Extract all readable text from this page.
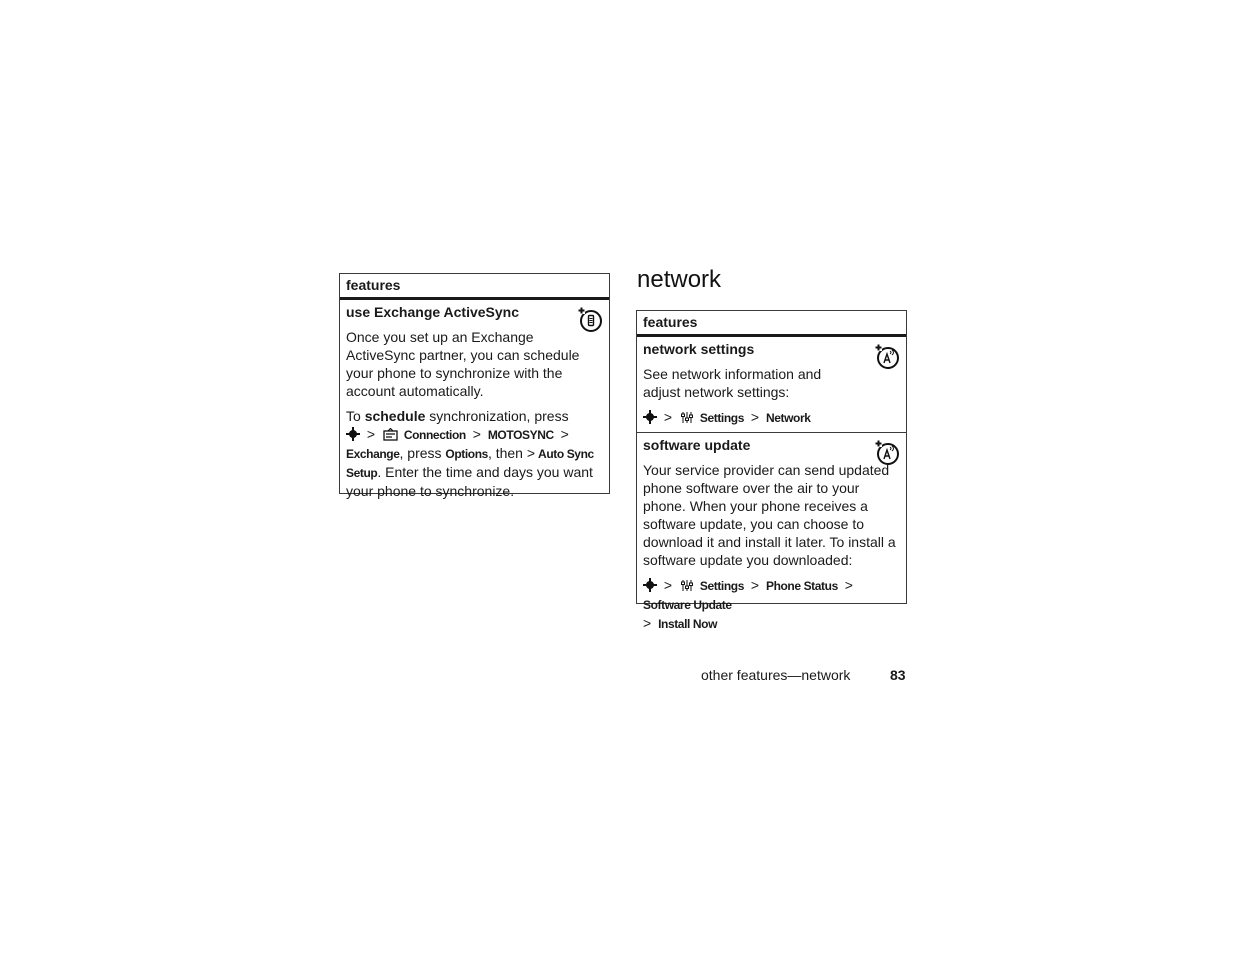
features
use Exchange ActiveSync

Once you set up an Exchange ActiveSync partner, you can schedule your phone to synchronize with the account automatically.

To schedule synchronization, press

> Connection > MOTOSYNC > Exchange, press Options, then > Auto Sync Setup. Enter the time and days you want your phone to synchronize.

network
features
network settings

See network information and adjust network settings:

> Settings > Network

software update

Your service provider can send updated phone software over the air to your phone. When your phone receives a software update, you can choose to download it and install it later. To install a software update you downloaded:

> Settings > Phone Status > Software Update
> Install Now

other features—network	83
